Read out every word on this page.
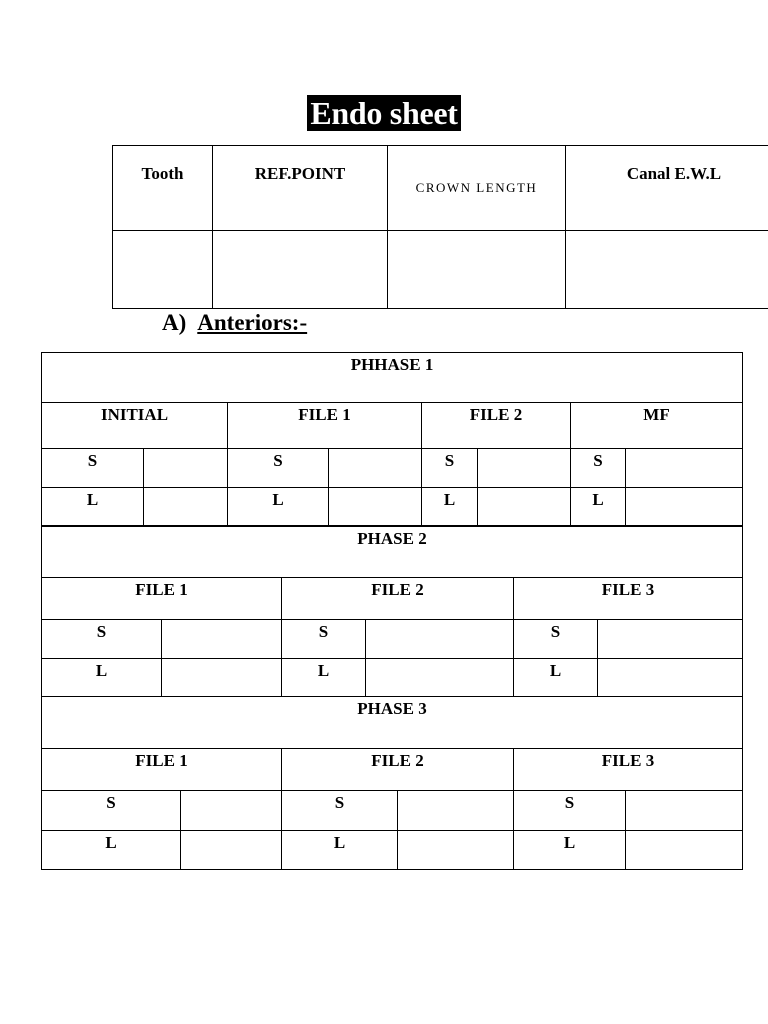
Endo sheet
Tooth	REF.POINT	CROWN LENGTH	Canal E.W.L

A) Anteriors:-
PHHASE 1							
INITIAL		FILE 1		FILE 2		MF	
S		S		S		S	
L		L		L		L	
PHASE 2					
FILE 1		FILE 2		FILE 3	
S		S		S	
L		L		L	
PHASE 3					
FILE 1		FILE 2		FILE 3	
S		S		S	
L		L		L	
